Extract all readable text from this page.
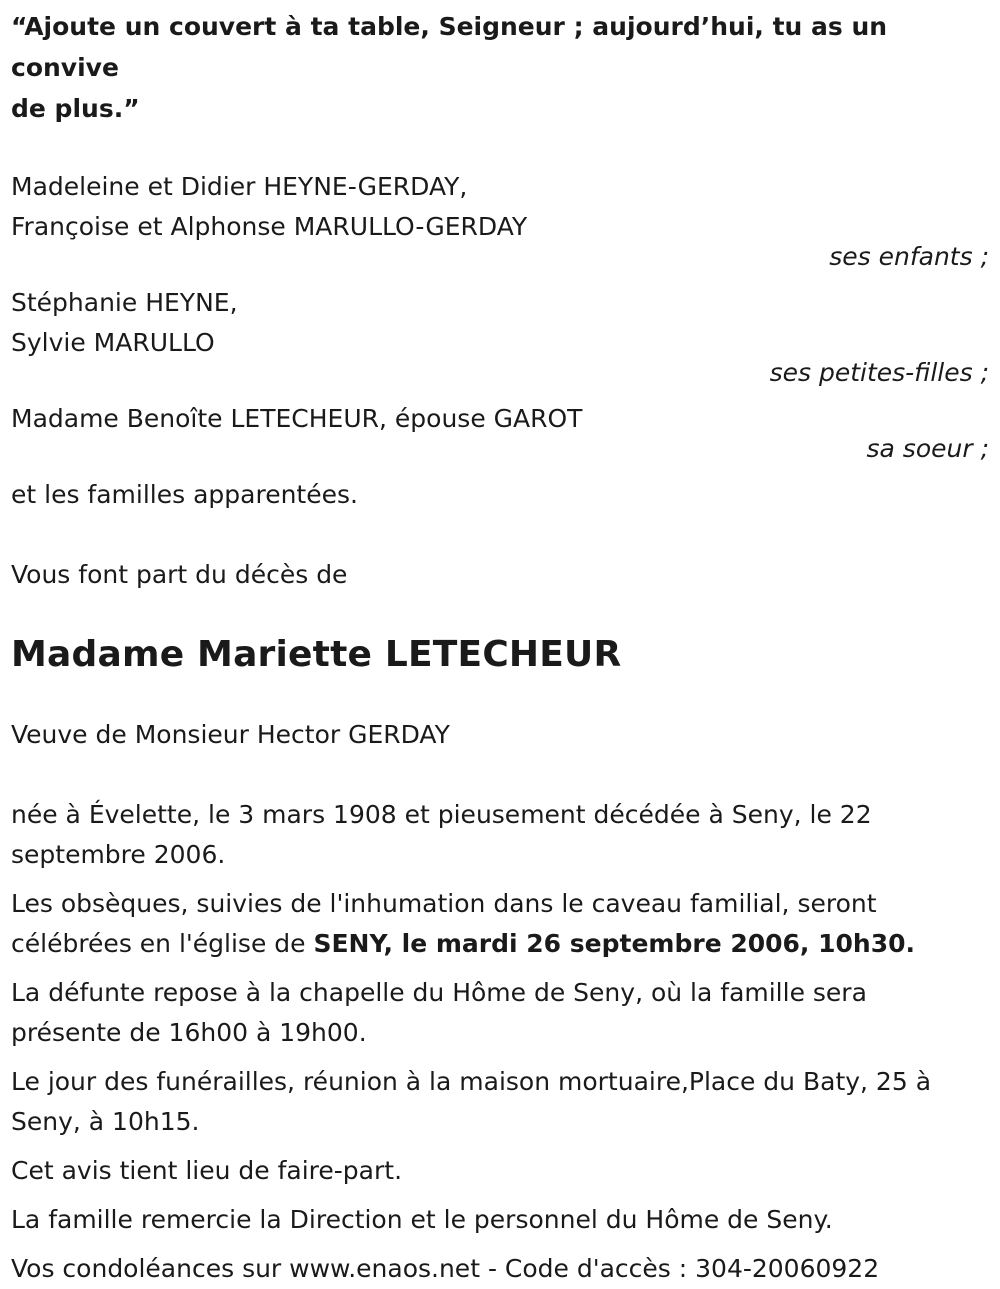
“Ajoute un couvert à ta table, Seigneur ; aujourd’hui, tu as un convive
de plus.”
Madeleine et Didier HEYNE-GERDAY,
Françoise et Alphonse MARULLO-GERDAY
ses enfants ;
Stéphanie HEYNE,
Sylvie MARULLO
ses petites-filles ;
Madame Benoîte LETECHEUR, épouse GAROT
sa soeur ;
et les familles apparentées.
Vous font part du décès de
Madame Mariette LETECHEUR
Veuve de Monsieur Hector GERDAY

née à Évelette, le 3 mars 1908 et pieusement décédée à Seny, le 22
septembre 2006.

Les obsèques, suivies de l'inhumation dans le caveau familial, seront
célébrées en l'église de SENY, le mardi 26 septembre 2006, 10h30.

La défunte repose à la chapelle du Hôme de Seny, où la famille sera
présente de 16h00 à 19h00.

Le jour des funérailles, réunion à la maison mortuaire,Place du Baty, 25 à
Seny, à 10h15.

Cet avis tient lieu de faire-part.

La famille remercie la Direction et le personnel du Hôme de Seny.

Vos condoléances sur www.enaos.net - Code d'accès : 304-20060922
